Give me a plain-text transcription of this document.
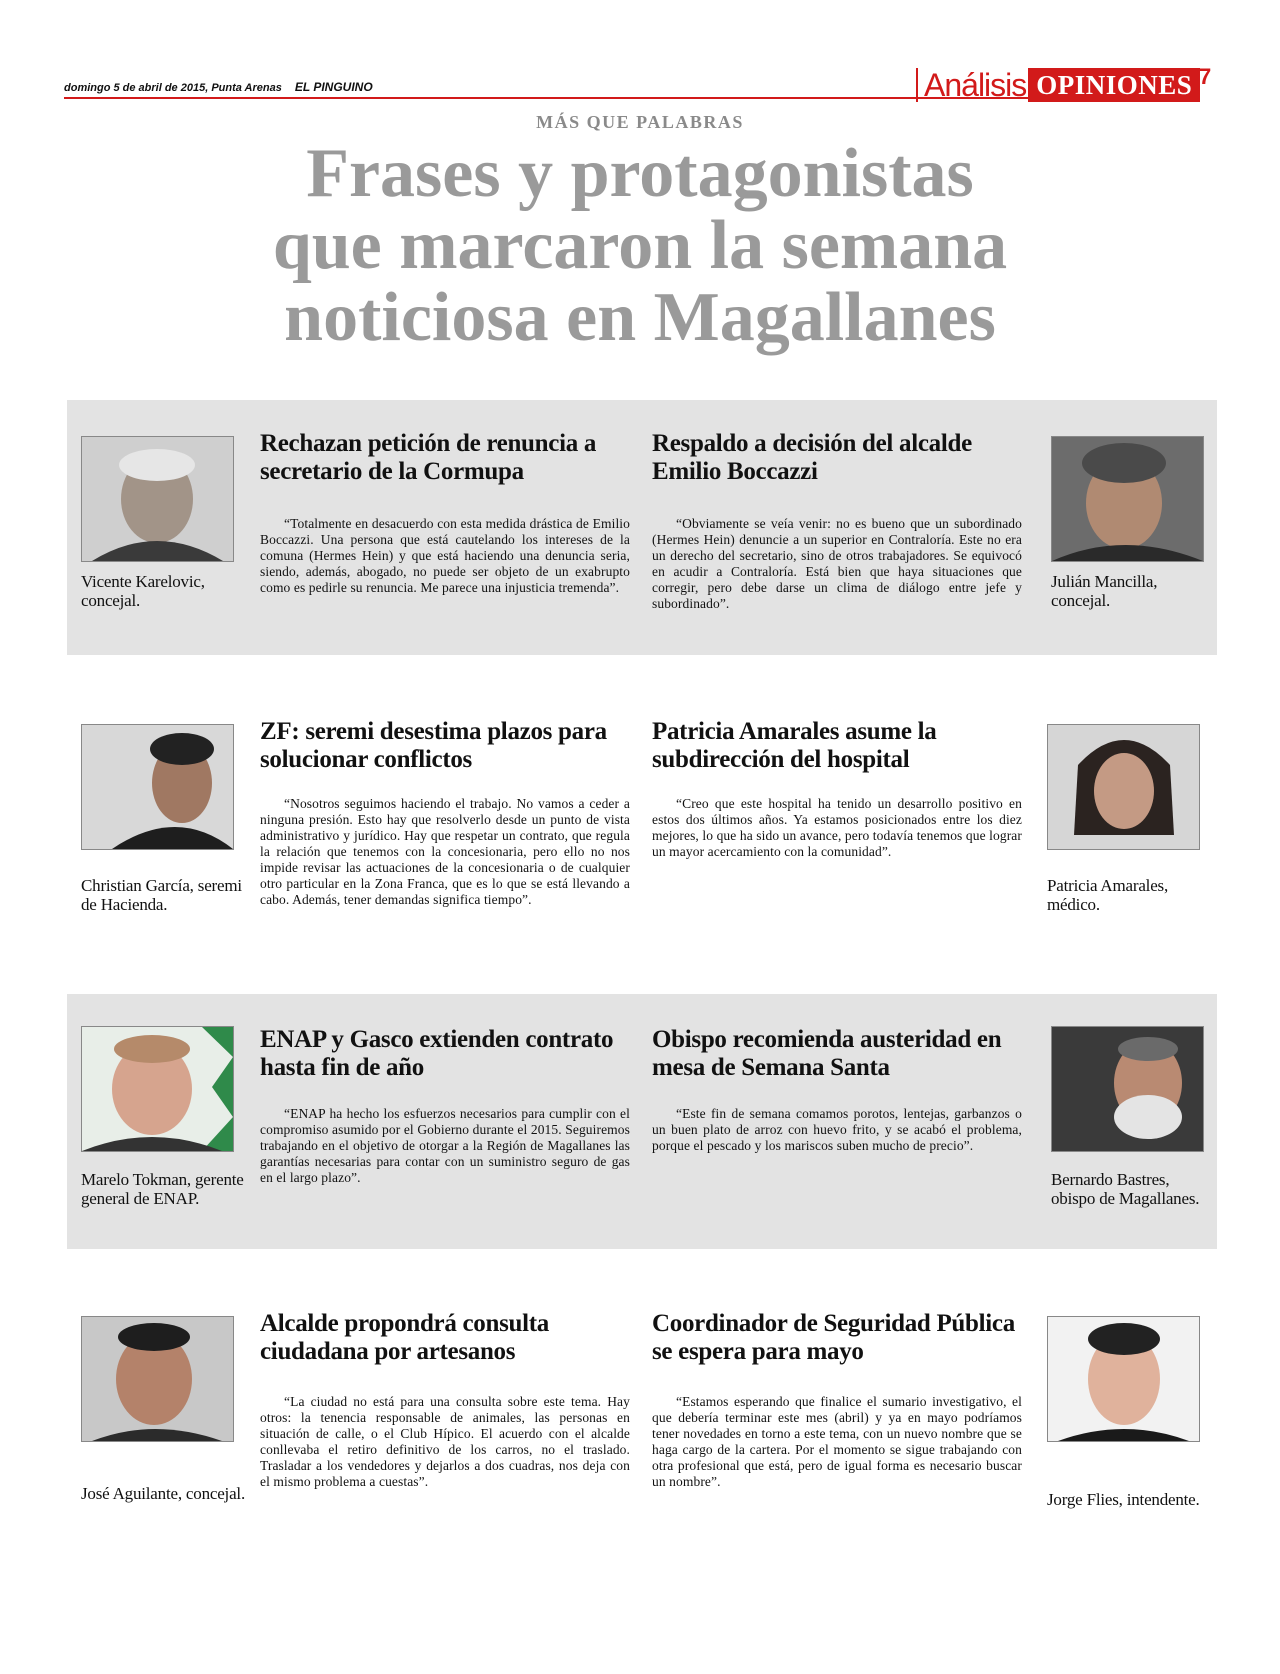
domingo 5 de abril de 2015, Punta Arenas EL PINGUINO	Análisis OPINIONES 7
MÁS QUE PALABRAS
Frases y protagonistas
que marcaron la semana
noticiosa en Magallanes
Vicente Karelovic, concejal.
Rechazan petición de renuncia a secretario de la Cormupa

“Totalmente en desacuerdo con esta medida drástica de Emilio Boccazzi. Una persona que está cautelando los intereses de la comuna (Hermes Hein) y que está haciendo una denuncia seria, siendo, además, abogado, no puede ser objeto de un exabrupto como es pedirle su renuncia. Me parece una injusticia tremenda”.

Respaldo a decisión del alcalde Emilio Boccazzi

“Obviamente se veía venir: no es bueno que un subordinado (Hermes Hein) denuncie a un superior en Contraloría. Este no era un derecho del secretario, sino de otros trabajadores. Se equivocó en acudir a Contraloría. Está bien que haya situaciones que corregir, pero debe darse un clima de diálogo entre jefe y subordinado”.

Julián Mancilla, concejal.
Christian García, seremi de Hacienda.
ZF: seremi desestima plazos para solucionar conflictos

“Nosotros seguimos haciendo el trabajo. No vamos a ceder a ninguna presión. Esto hay que resolverlo desde un punto de vista administrativo y jurídico. Hay que respetar un contrato, que regula la relación que tenemos con la concesionaria, pero ello no nos impide revisar las actuaciones de la concesionaria o de cualquier otro particular en la Zona Franca, que es lo que se está llevando a cabo. Además, tener demandas significa tiempo”.

Patricia Amarales asume la subdirección del hospital

“Creo que este hospital ha tenido un desarrollo positivo en estos dos últimos años. Ya estamos posicionados entre los diez mejores, lo que ha sido un avance, pero todavía tenemos que lograr un mayor acercamiento con la comunidad”.

Patricia Amarales, médico.
Marelo Tokman, gerente general de ENAP.
ENAP y Gasco extienden contrato hasta fin de año

“ENAP ha hecho los esfuerzos necesarios para cumplir con el compromiso asumido por el Gobierno durante el 2015. Seguiremos trabajando en el objetivo de otorgar a la Región de Magallanes las garantías necesarias para contar con un suministro seguro de gas en el largo plazo”.

Obispo recomienda austeridad en mesa de Semana Santa

“Este fin de semana comamos porotos, lentejas, garbanzos o un buen plato de arroz con huevo frito, y se acabó el problema, porque el pescado y los mariscos suben mucho de precio”.

Bernardo Bastres, obispo de Magallanes.
José Aguilante, concejal.
Alcalde propondrá consulta ciudadana por artesanos

“La ciudad no está para una consulta sobre este tema. Hay otros: la tenencia responsable de animales, las personas en situación de calle, o el Club Hípico. El acuerdo con el alcalde conllevaba el retiro definitivo de los carros, no el traslado. Trasladar a los vendedores y dejarlos a dos cuadras, nos deja con el mismo problema a cuestas”.

Coordinador de Seguridad Pública se espera para mayo

“Estamos esperando que finalice el sumario investigativo, el que debería terminar este mes (abril) y ya en mayo podríamos tener novedades en torno a este tema, con un nuevo nombre que se haga cargo de la cartera. Por el momento se sigue trabajando con otra profesional que está, pero de igual forma es necesario buscar un nombre”.

Jorge Flies, intendente.
